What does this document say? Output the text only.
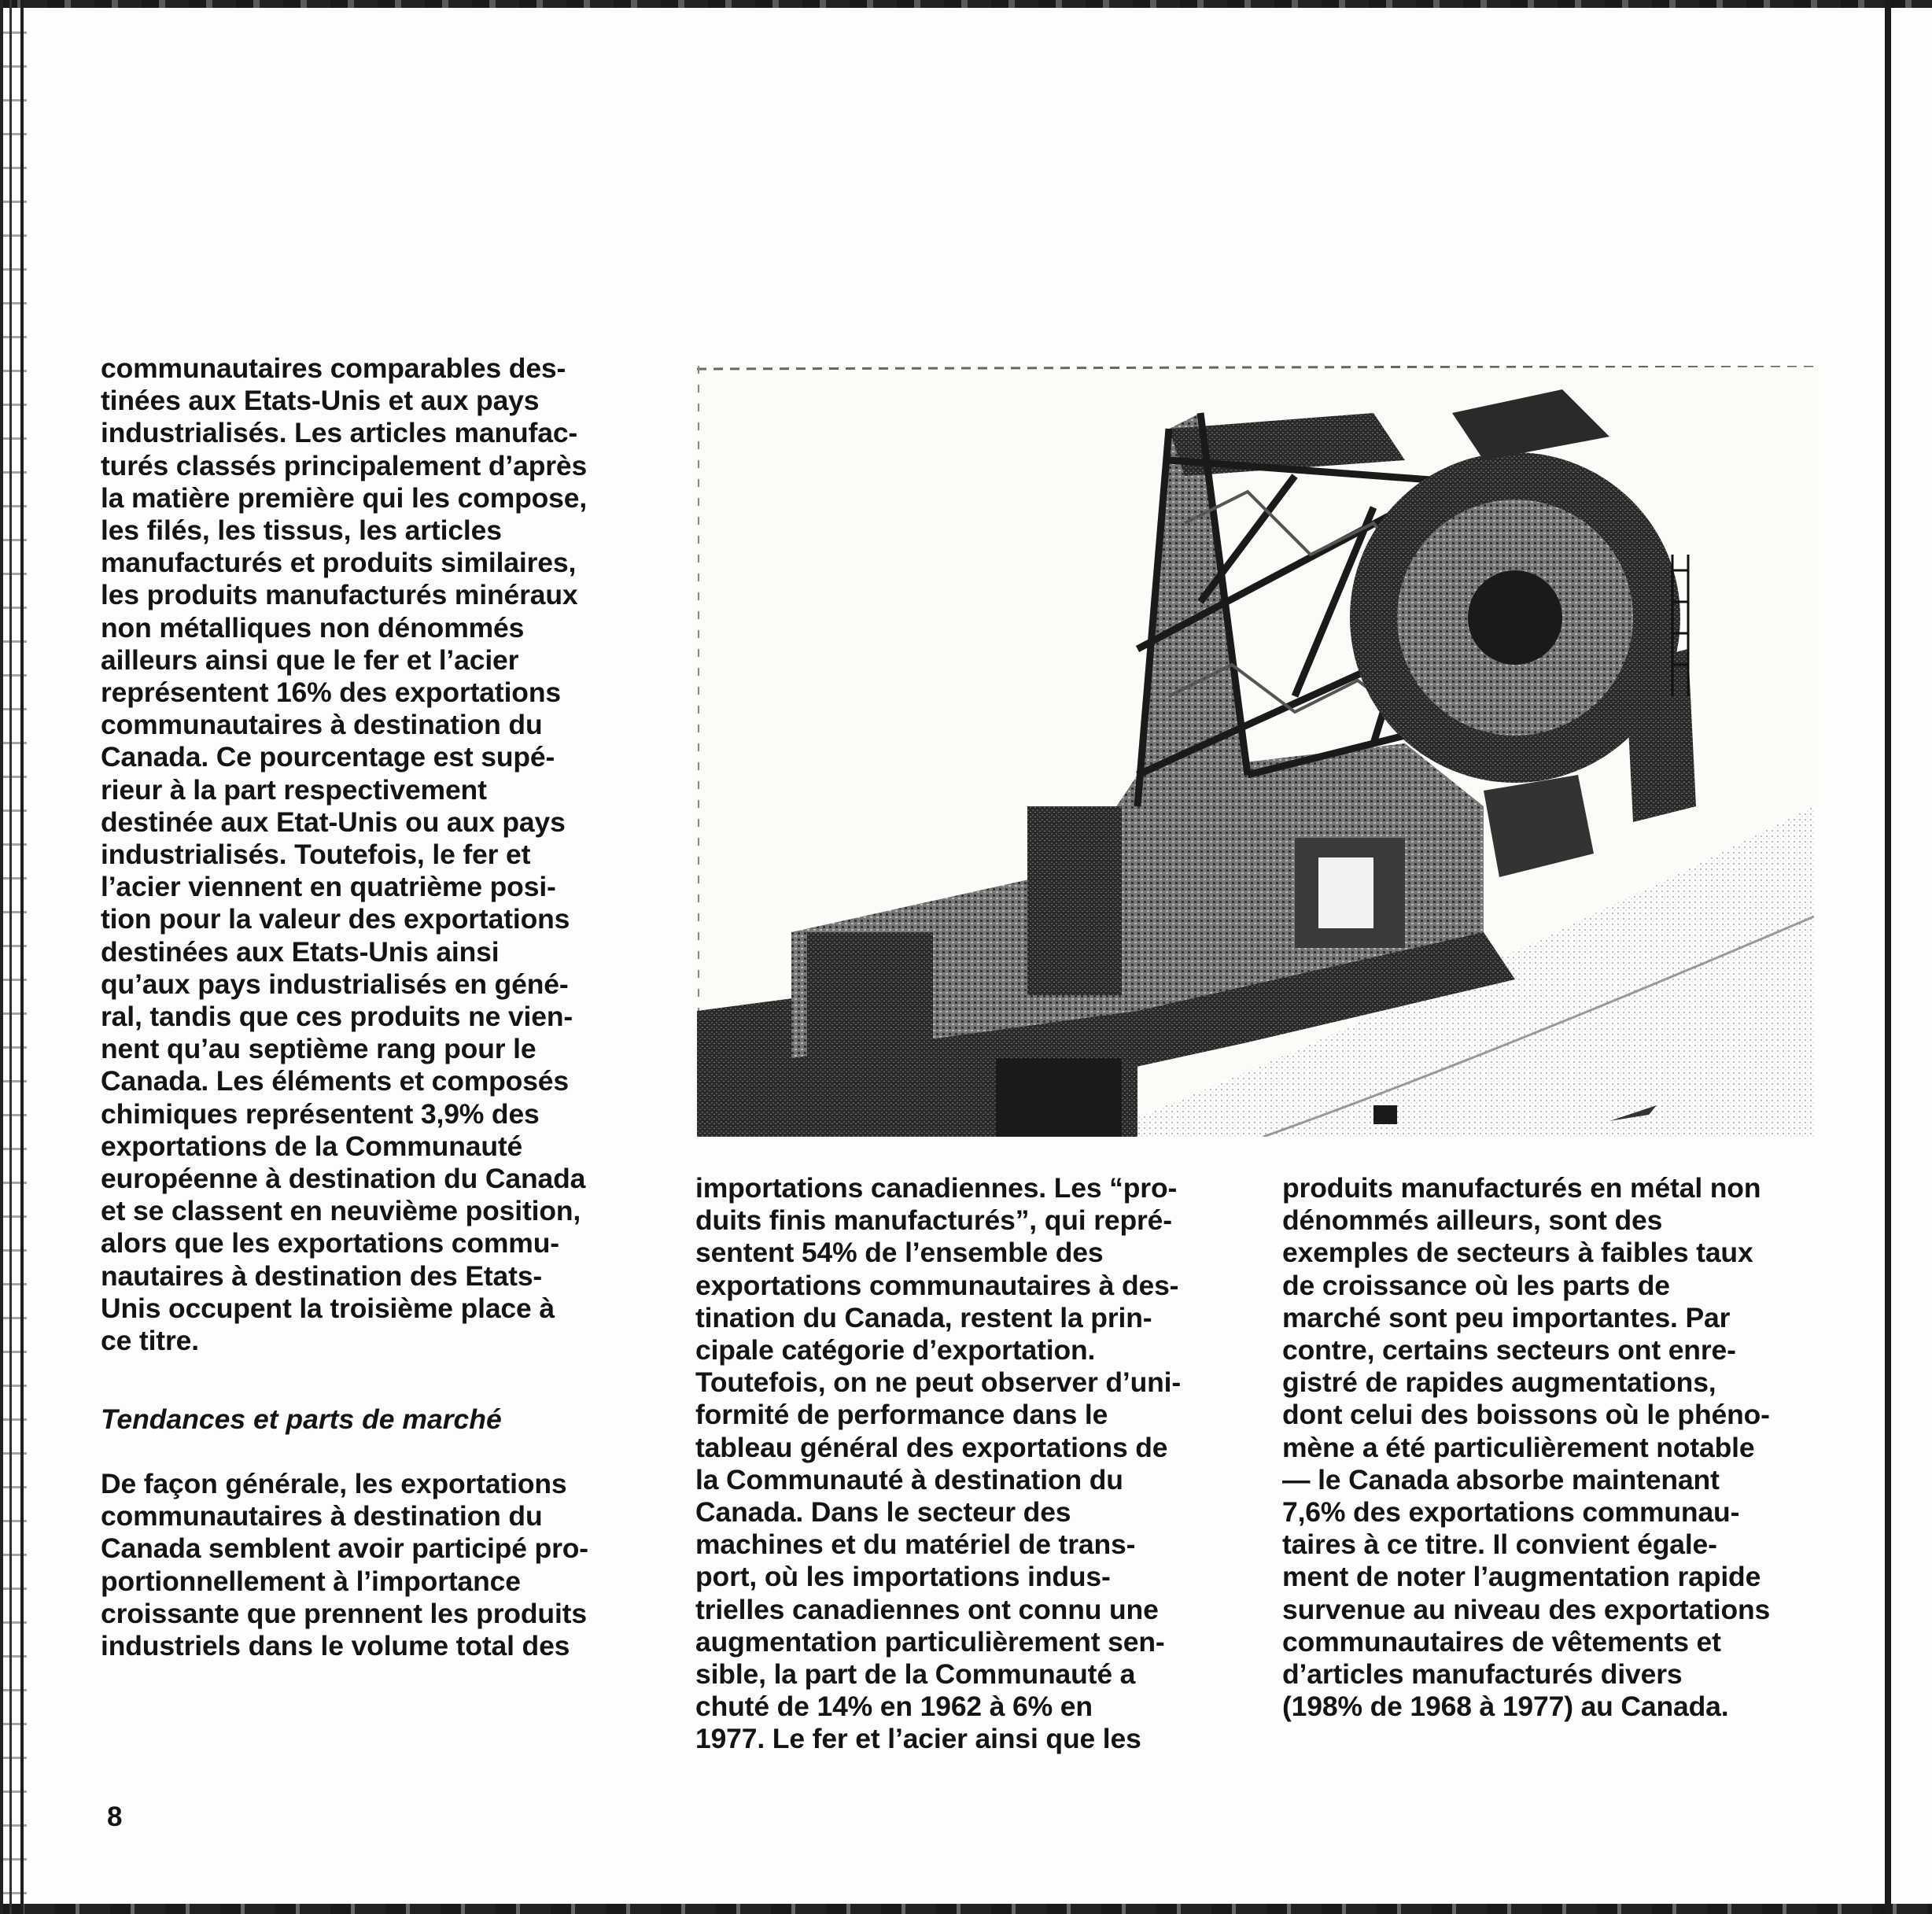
communautaires comparables des-
tinées aux Etats-Unis et aux pays
industrialisés. Les articles manufac-
turés classés principalement d’après
la matière première qui les compose,
les filés, les tissus, les articles
manufacturés et produits similaires,
les produits manufacturés minéraux
non métalliques non dénommés
ailleurs ainsi que le fer et l’acier
représentent 16% des exportations
communautaires à destination du
Canada. Ce pourcentage est supé-
rieur à la part respectivement
destinée aux Etat-Unis ou aux pays
industrialisés. Toutefois, le fer et
l’acier viennent en quatrième posi-
tion pour la valeur des exportations
destinées aux Etats-Unis ainsi
qu’aux pays industrialisés en géné-
ral, tandis que ces produits ne vien-
nent qu’au septième rang pour le
Canada. Les éléments et composés
chimiques représentent 3,9% des
exportations de la Communauté
européenne à destination du Canada
et se classent en neuvième position,
alors que les exportations commu-
nautaires à destination des Etats-
Unis occupent la troisième place à
ce titre.
Tendances et parts de marché
De façon générale, les exportations
communautaires à destination du
Canada semblent avoir participé pro-
portionnellement à l’importance
croissante que prennent les produits
industriels dans le volume total des
importations canadiennes. Les “pro-
duits finis manufacturés”, qui repré-
sentent 54% de l’ensemble des
exportations communautaires à des-
tination du Canada, restent la prin-
cipale catégorie d’exportation.
Toutefois, on ne peut observer d’uni-
formité de performance dans le
tableau général des exportations de
la Communauté à destination du
Canada. Dans le secteur des
machines et du matériel de trans-
port, où les importations indus-
trielles canadiennes ont connu une
augmentation particulièrement sen-
sible, la part de la Communauté a
chuté de 14% en 1962 à 6% en
1977. Le fer et l’acier ainsi que les
produits manufacturés en métal non
dénommés ailleurs, sont des
exemples de secteurs à faibles taux
de croissance où les parts de
marché sont peu importantes. Par
contre, certains secteurs ont enre-
gistré de rapides augmentations,
dont celui des boissons où le phéno-
mène a été particulièrement notable
— le Canada absorbe maintenant
7,6% des exportations communau-
taires à ce titre. Il convient égale-
ment de noter l’augmentation rapide
survenue au niveau des exportations
communautaires de vêtements et
d’articles manufacturés divers
(198% de 1968 à 1977) au Canada.
8
